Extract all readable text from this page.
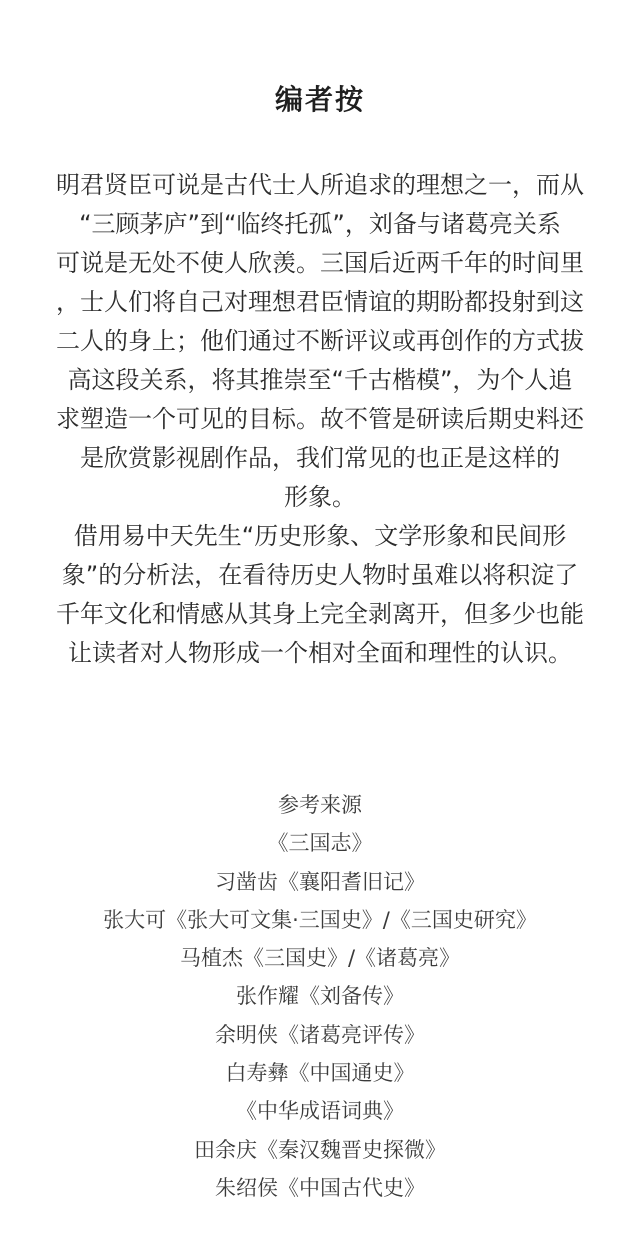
编者按
明君贤臣可说是古代士人所追求的理想之一，而从
“三顾茅庐”到“临终托孤”，刘备与诸葛亮关系
可说是无处不使人欣羡。三国后近两千年的时间里
，士人们将自己对理想君臣情谊的期盼都投射到这
二人的身上；他们通过不断评议或再创作的方式拔
高这段关系，将其推崇至“千古楷模”，为个人追
求塑造一个可见的目标。故不管是研读后期史料还
是欣赏影视剧作品，我们常见的也正是这样的
形象。
借用易中天先生“历史形象、文学形象和民间形
象”的分析法，在看待历史人物时虽难以将积淀了
千年文化和情感从其身上完全剥离开，但多少也能
让读者对人物形成一个相对全面和理性的认识。
参考来源
《三国志》
习凿齿《襄阳耆旧记》
张大可《张大可文集·三国史》/《三国史研究》
马植杰《三国史》/《诸葛亮》
张作耀《刘备传》
余明侠《诸葛亮评传》
白寿彝《中国通史》
《中华成语词典》
田余庆《秦汉魏晋史探微》
朱绍侯《中国古代史》
